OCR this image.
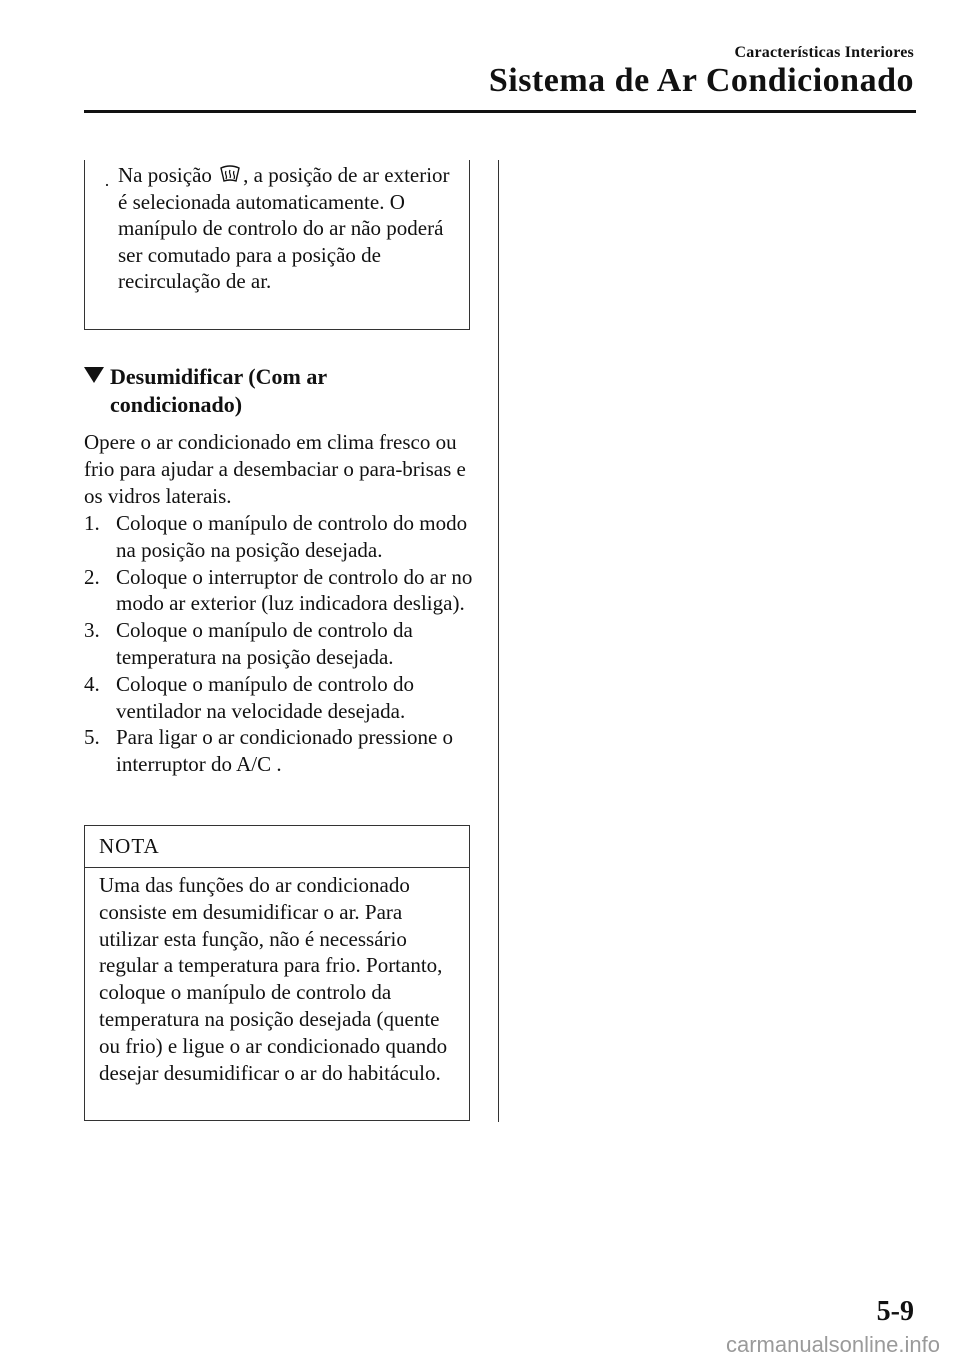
Características Interiores
Sistema de Ar Condicionado
· Na posição , a posição de ar exterior é selecionada automaticamente. O manípulo de controlo do ar não poderá ser comutado para a posição de recirculação de ar.
Desumidificar (Com ar
condicionado)
Opere o ar condicionado em clima fresco ou frio para ajudar a desembaciar o para-brisas e os vidros laterais.
1 . Coloque o manípulo de controlo do modo na posição na posição desejada.
2 . Coloque o interruptor de controlo do ar no modo ar exterior (luz indicadora desliga).
3 . Coloque o manípulo de controlo da temperatura na posição desejada.
4 . Coloque o manípulo de controlo do ventilador na velocidade desejada.
5 . Para ligar o ar condicionado pressione o interruptor do A/C .
NOTA
Uma das funções do ar condicionado consiste em desumidificar o ar. Para utilizar esta função, não é necessário regular a temperatura para frio. Portanto, coloque o manípulo de controlo da temperatura na posição desejada (quente ou frio) e ligue o ar condicionado quando desejar desumidificar o ar do habitáculo.
5-9
carmanualsonline.info
